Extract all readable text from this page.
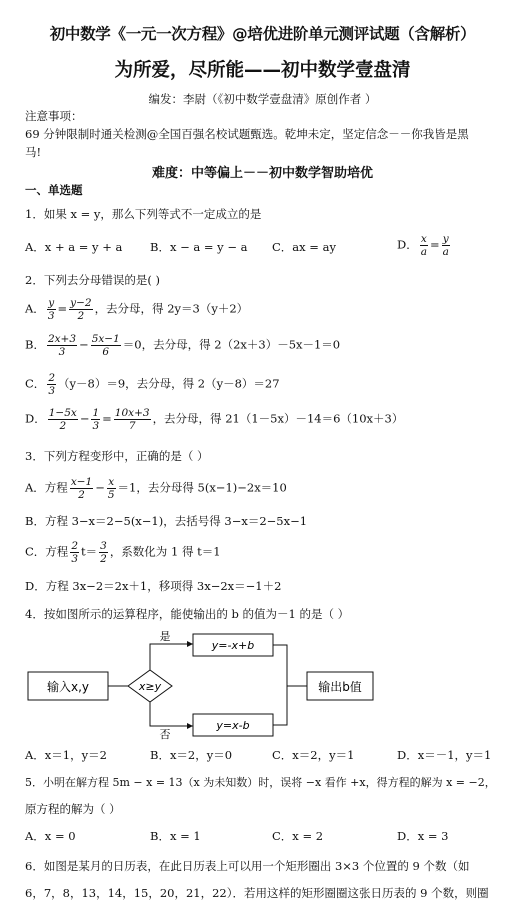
初中数学《一元一次方程》@培优进阶单元测评试题（含解析）
为所爱，尽所能——初中数学壹盘清
编发：李尉（《初中数学壹盘清》原创作者 ）
注意事项：
69 分钟限制时通关检测@全国百强名校试题甄选。乾坤未定，坚定信念－－你我皆是黑
马!
难度：中等偏上－－初中数学智助培优
一、单选题
1．如果 x = y，那么下列等式不一定成立的是
A．x + a = y + a B．x − a = y − a C．ax = ay	D． $\frac{x}{a} = \frac{y}{a}$
2．下列去分母错误的是( )
A． $\frac{y}{3} = \frac{y-2}{2}$ ，去分母，得 2y＝3（y＋2）
B． $\frac{2x+3}{3} - \frac{5x-1}{6} =0$，去分母，得 2（2x＋3）－5x－1＝0
C． $\frac{2}{3} (y-8)=9$，去分母，得 2（y－8）＝27
D． $\frac{1-5x}{2} - \frac{1}{3} = \frac{10x+3}{7}$ ，去分母，得 21（1－5x）－14＝6（10x＋3）
3．下列方程变形中，正确的是（ ）
A．方程 $\frac{x-1}{2} - \frac{x}{5} =1$，去分母得 5(x−1)−2x＝10
B．方程 3−x＝2−5(x−1)，去括号得 3−x＝2−5x−1
C．方程 $\frac{2}{3} t= \frac{3}{2}$ ，系数化为 1 得 t＝1
D．方程 3x−2＝2x＋1，移项得 3x−2x＝−1＋2
4．按如图所示的运算程序，能使输出的 b 的值为－1 的是（ ）
输入x,y	x≥y
是
否
y=-x+b
y=x-b
输出b值
A．x＝1，y＝2	B．x＝2，y＝0	C．x＝2，y＝1	D．x＝－1，y＝1
5．小明在解方程 5m − x = 13（x 为未知数）时，误将 −x 看作 +x，得方程的解为 x = −2，
原方程的解为（ ）
A．x = 0	B．x = 1	C．x = 2	D．x = 3
6．如图是某月的日历表，在此日历表上可以用一个矩形圈出 3×3 个位置的 9 个数（如
6，7，8，13，14，15，20，21，22）．若用这样的矩形圈圈这张日历表的 9 个数，则圈
